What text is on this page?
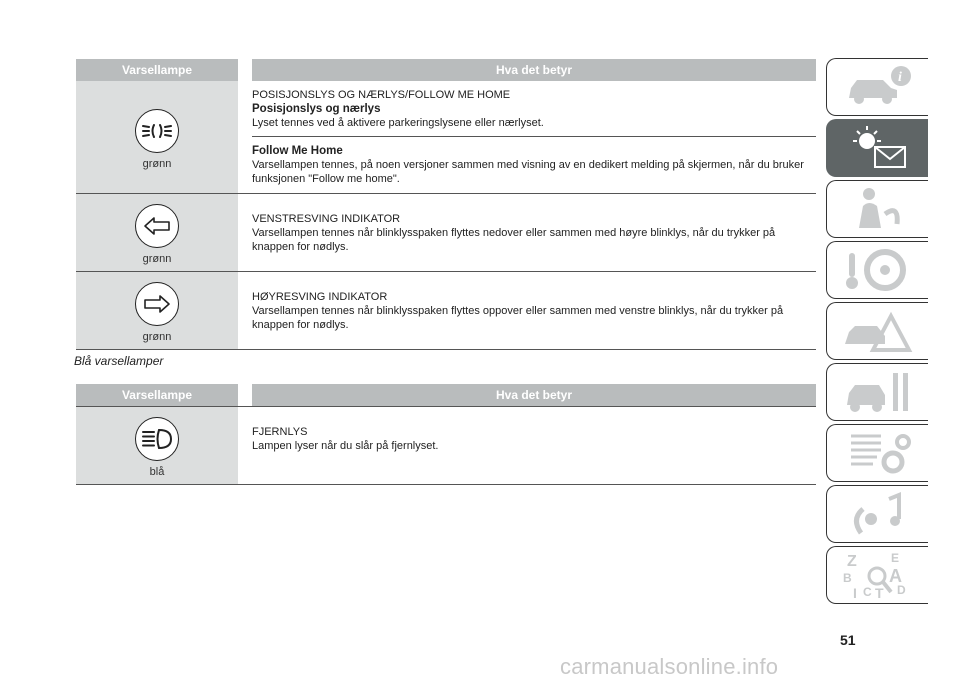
Varsellampe	Hva det betyr
grønn
POSISJONSLYS OG NÆRLYS/FOLLOW ME HOME
Posisjonslys og nærlys
Lyset tennes ved å aktivere parkeringslysene eller nærlyset.
Follow Me Home
Varsellampen tennes, på noen versjoner sammen med visning av en dedikert melding på skjermen, når du bruker funksjonen "Follow me home".
grønn
VENSTRESVING INDIKATOR
Varsellampen tennes når blinklysspaken flyttes nedover eller sammen med høyre blinklys, når du trykker på knappen for nødlys.
grønn
HØYRESVING INDIKATOR
Varsellampen tennes når blinklysspaken flyttes oppover eller sammen med venstre blinklys, når du trykker på knappen for nødlys.
Blå varsellamper
Varsellampe	Hva det betyr
blå
FJERNLYS
Lampen lyser når du slår på fjernlyset.
i
Z	E
B A
C D
I T
51
carmanualsonline.info
